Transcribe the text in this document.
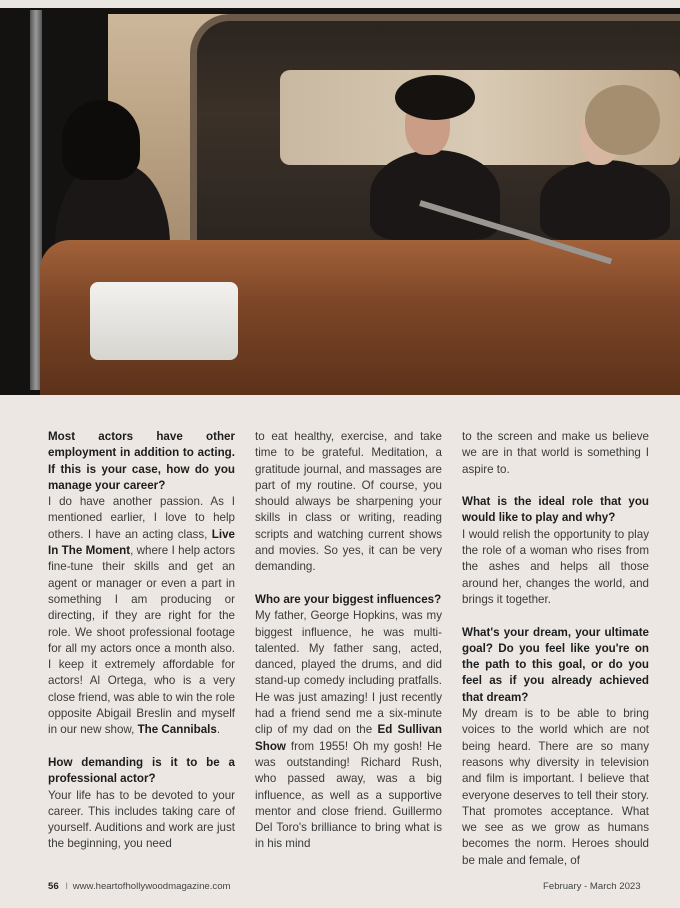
Most actors have other employment in addition to acting. If this is your case, how do you manage your career?

I do have another passion. As I mentioned earlier, I love to help others. I have an acting class, Live In The Moment, where I help actors fine-tune their skills and get an agent or manager or even a part in something I am producing or directing, if they are right for the role. We shoot professional footage for all my actors once a month also. I keep it extremely affordable for actors! Al Ortega, who is a very close friend, was able to win the role opposite Abigail Breslin and myself in our new show, The Cannibals.

How demanding is it to be a professional actor?

Your life has to be devoted to your career. This includes taking care of yourself. Auditions and work are just the beginning, you need

to eat healthy, exercise, and take time to be grateful. Meditation, a gratitude journal, and massages are part of my routine. Of course, you should always be sharpening your skills in class or writing, reading scripts and watching current shows and movies. So yes, it can be very demanding.

Who are your biggest influences?

My father, George Hopkins, was my biggest influence, he was multi-talented. My father sang, acted, danced, played the drums, and did stand-up comedy including pratfalls. He was just amazing! I just recently had a friend send me a six-minute clip of my dad on the Ed Sullivan Show from 1955! Oh my gosh! He was outstanding! Richard Rush, who passed away, was a big influence, as well as a supportive mentor and close friend. Guillermo Del Toro's brilliance to bring what is in his mind

to the screen and make us believe we are in that world is something I aspire to.

What is the ideal role that you would like to play and why?

I would relish the opportunity to play the role of a woman who rises from the ashes and helps all those around her, changes the world, and brings it together.

What's your dream, your ultimate goal? Do you feel like you're on the path to this goal, or do you feel as if you already achieved that dream?

My dream is to be able to bring voices to the world which are not being heard. There are so many reasons why diversity in television and film is important. I believe that everyone deserves to tell their story. That promotes acceptance. What we see as we grow as humans becomes the norm. Heroes should be male and female, of

56 I www.heartofhollywoodmagazine.com	February - March 2023
